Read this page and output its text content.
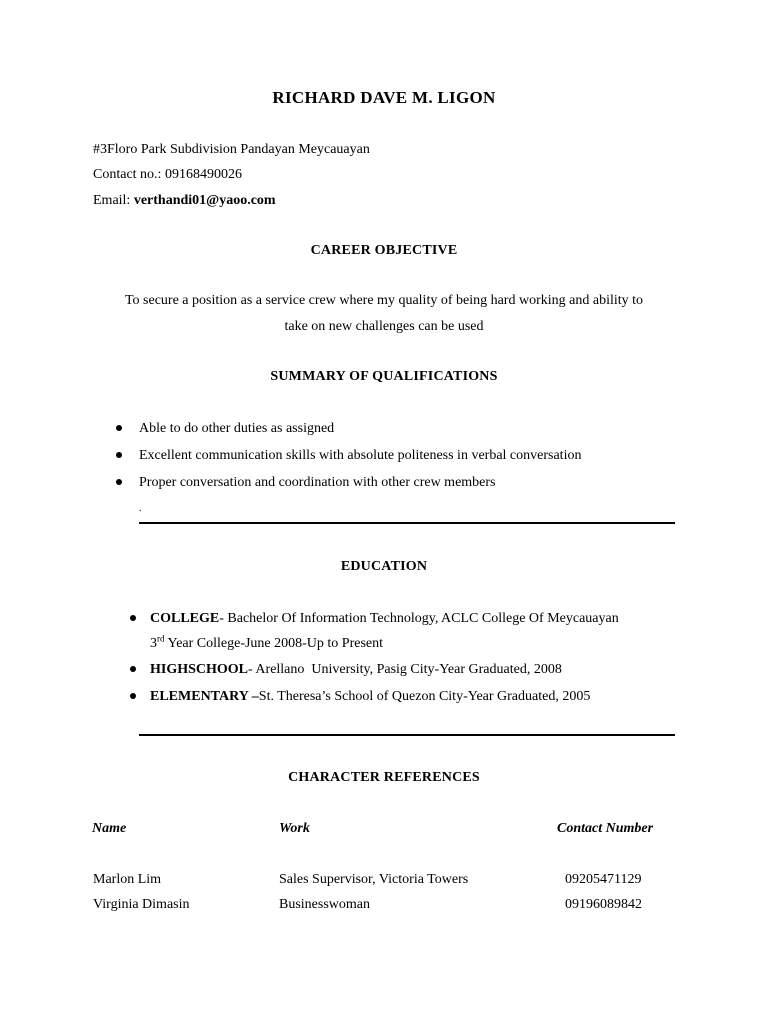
RICHARD DAVE M. LIGON
#3Floro Park Subdivision Pandayan Meycauayan
Contact no.: 09168490026
Email: verthandi01@yaoo.com
CAREER OBJECTIVE
To secure a position as a service crew where my quality of being hard working and ability to
take on new challenges can be used
SUMMARY OF QUALIFICATIONS
Able to do other duties as assigned
Excellent communication skills with absolute politeness in verbal conversation
Proper conversation and coordination with other crew members
.
EDUCATION
COLLEGE- Bachelor Of Information Technology, ACLC College Of Meycauayan
3rd Year College-June 2008-Up to Present
HIGHSCHOOL- Arellano  University, Pasig City-Year Graduated, 2008
ELEMENTARY –St. Theresa’s School of Quezon City-Year Graduated, 2005
CHARACTER REFERENCES
Name	Work	Contact Number
Marlon Lim	Sales Supervisor, Victoria Towers	09205471129
Virginia Dimasin	Businesswoman	09196089842
